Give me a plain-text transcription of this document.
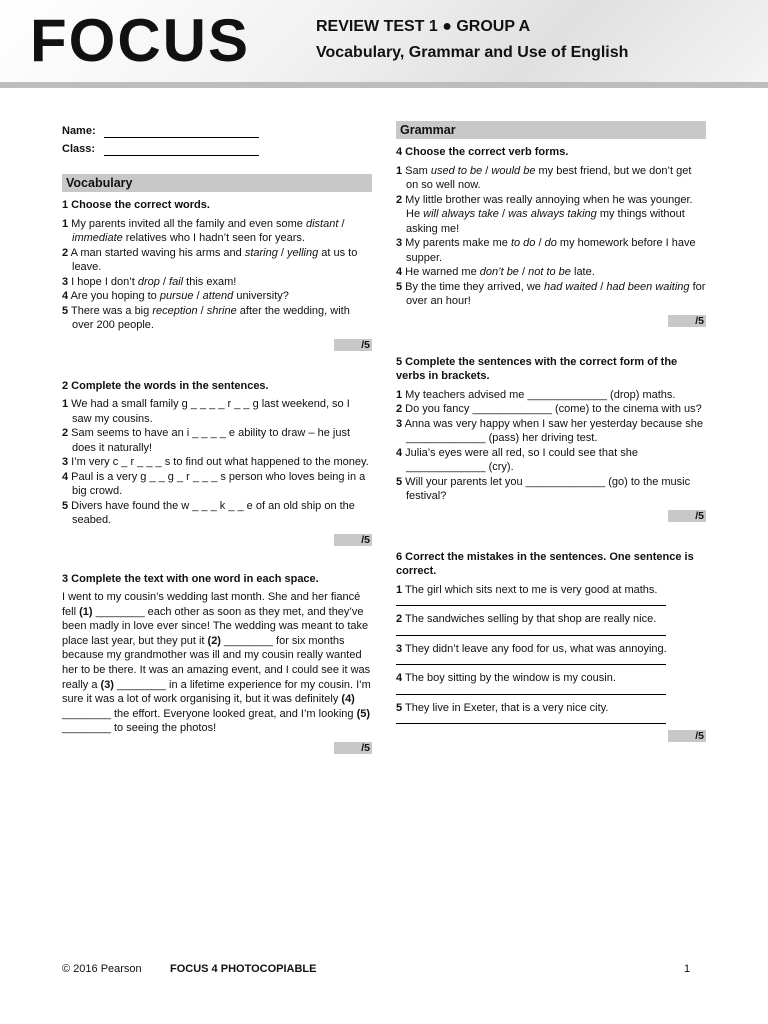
FOCUS	REVIEW TEST 1 ● GROUP A
Vocabulary, Grammar and Use of English
Name:
Class:
Vocabulary
1 Choose the correct words.
1 My parents invited all the family and even some distant / immediate relatives who I hadn’t seen for years.
2 A man started waving his arms and staring / yelling at us to leave.
3 I hope I don’t drop / fail this exam!
4 Are you hoping to pursue / attend university?
5 There was a big reception / shrine after the wedding, with over 200 people.
/5
2 Complete the words in the sentences.
1 We had a small family g _ _ _ _ r _ _ g last weekend, so I saw my cousins.
2 Sam seems to have an i _ _ _ _ e ability to draw – he just does it naturally!
3 I’m very c _ r _ _ _ s to find out what happened to the money.
4 Paul is a very g _ _ g _ r _ _ _ s person who loves being in a big crowd.
5 Divers have found the w _ _ _ k _ _ e of an old ship on the seabed.
/5
3 Complete the text with one word in each space.
I went to my cousin’s wedding last month. She and her fiancé fell (1) ________ each other as soon as they met, and they’ve been madly in love ever since! The wedding was meant to take place last year, but they put it (2) ________ for six months because my grandmother was ill and my cousin really wanted her to be there. It was an amazing event, and I could see it was really a (3) ________ in a lifetime experience for my cousin. I’m sure it was a lot of work organising it, but it was definitely (4) ________ the effort. Everyone looked great, and I’m looking (5) ________ to seeing the photos!
/5
Grammar
4 Choose the correct verb forms.
1 Sam used to be / would be my best friend, but we don’t get on so well now.
2 My little brother was really annoying when he was younger. He will always take / was always taking my things without asking me!
3 My parents make me to do / do my homework before I have supper.
4 He warned me don’t be / not to be late.
5 By the time they arrived, we had waited / had been waiting for over an hour!
/5
5 Complete the sentences with the correct form of the verbs in brackets.
1 My teachers advised me _____________ (drop) maths.
2 Do you fancy _____________ (come) to the cinema with us?
3 Anna was very happy when I saw her yesterday because she _____________ (pass) her driving test.
4 Julia’s eyes were all red, so I could see that she _____________ (cry).
5 Will your parents let you _____________ (go) to the music festival?
/5
6 Correct the mistakes in the sentences. One sentence is correct.
1 The girl which sits next to me is very good at maths.
2 The sandwiches selling by that shop are really nice.
3 They didn’t leave any food for us, what was annoying.
4 The boy sitting by the window is my cousin.
5 They live in Exeter, that is a very nice city.
/5
© 2016 Pearson	FOCUS 4 PHOTOCOPIABLE	1
